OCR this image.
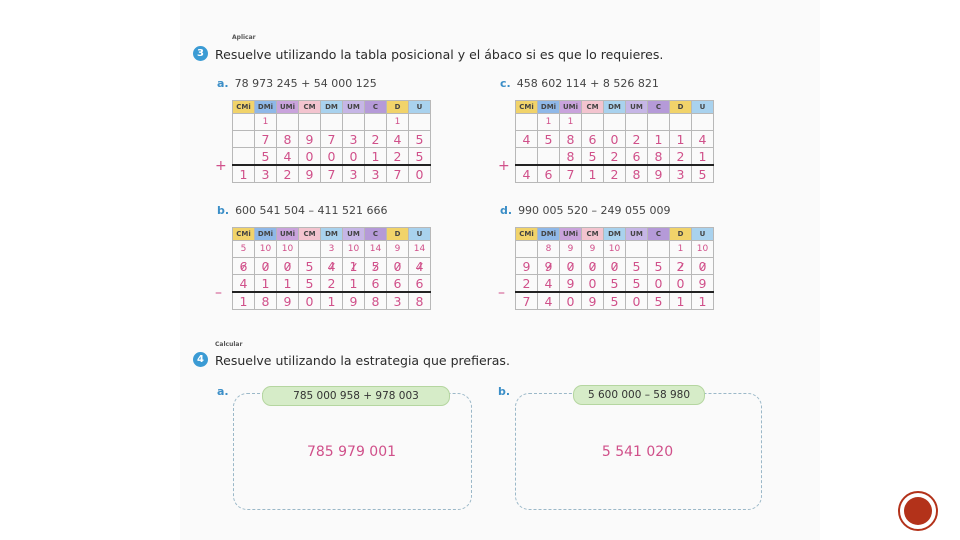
Aplicar
3 Resuelve utilizando la tabla posicional y el ábaco si es que lo requieres.
a. 78 973 245 + 54 000 125
CMi	DMi	UMi	CM	DM	UM	C	D	U
	1						1	
	7	8	9	7	3	2	4	5
	5	4	0	0	0	1	2	5
1	3	2	9	7	3	3	7	0
+
c. 458 602 114 + 8 526 821
CMi	DMi	UMi	CM	DM	UM	C	D	U
	1	1						
4	5	8	6	0	2	1	1	4
		8	5	2	6	8	2	1
4	6	7	1	2	8	9	3	5
+
b. 600 541 504 – 411 521 666
CMi	DMi	UMi	CM	DM	UM	C	D	U
5	10	10		3	10	14	9	14
6	0	0	5	4	1	5	0	4
4	1	1	5	2	1	6	6	6
1	8	9	0	1	9	8	3	8
–
d. 990 005 520 – 249 055 009
CMi	DMi	UMi	CM	DM	UM	C	D	U
	8	9	9	10			1	10
9	9	0	0	0	5	5	2	0
2	4	9	0	5	5	0	0	9
7	4	0	9	5	0	5	1	1
–
Calcular
4 Resuelve utilizando la estrategia que prefieras.
a.	785 000 958 + 978 003
785 979 001
b.	5 600 000 – 58 980
5 541 020
